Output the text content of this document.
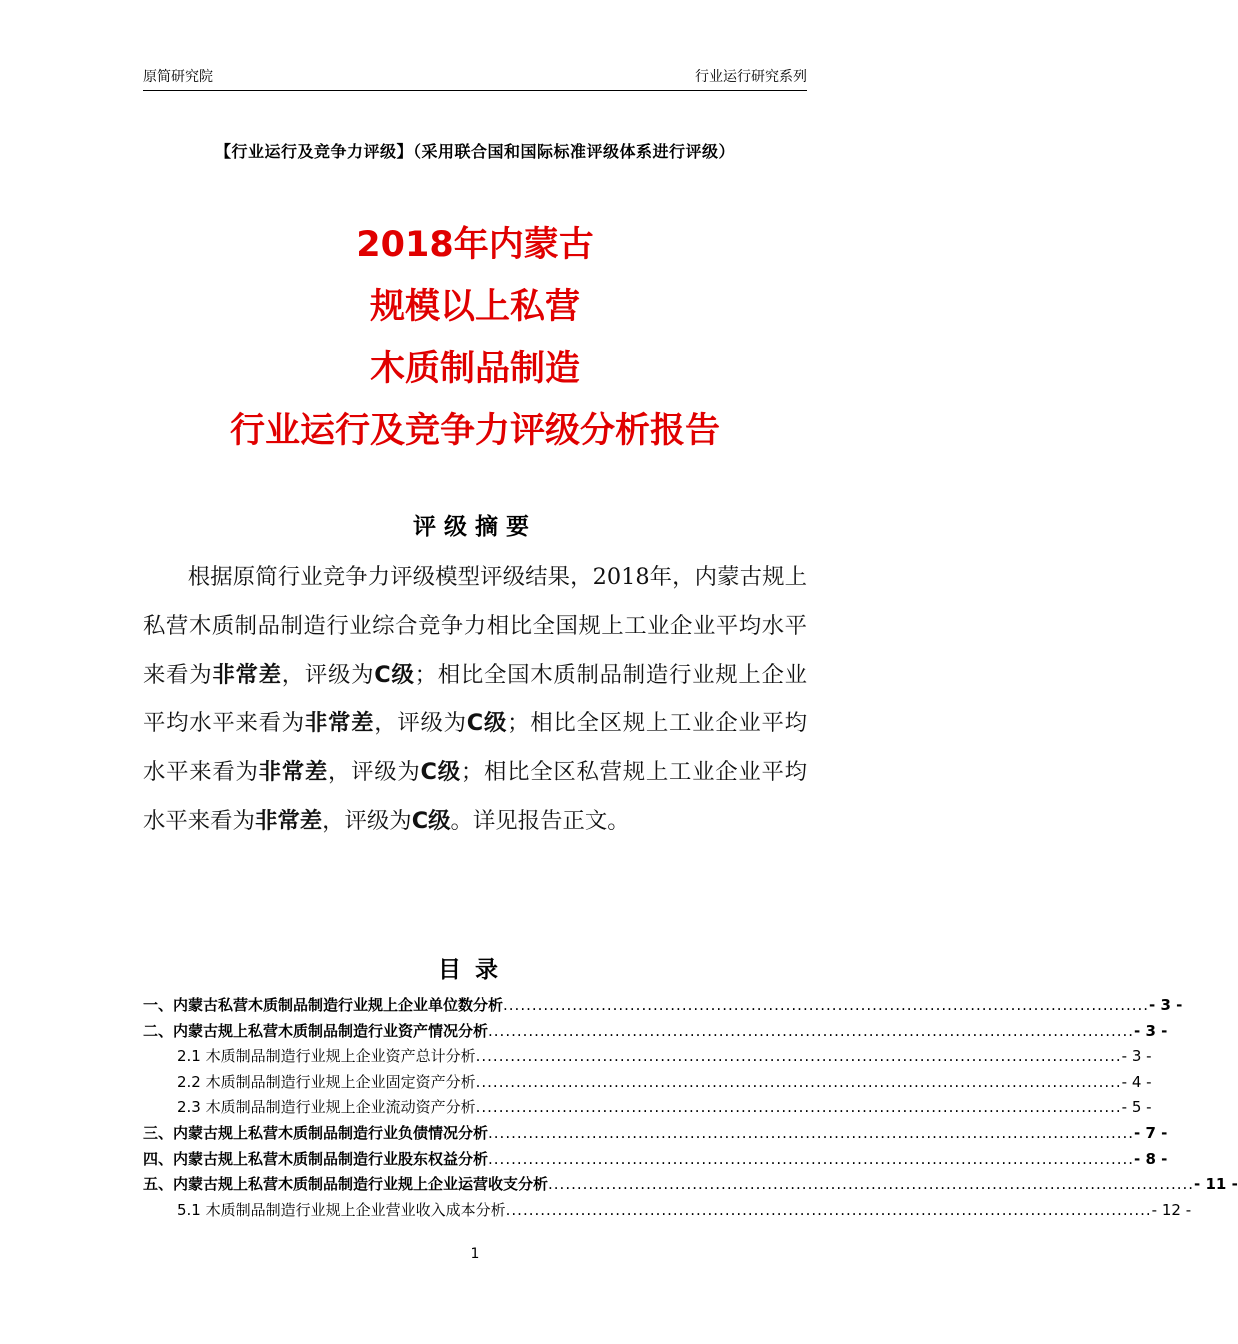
原简研究院	行业运行研究系列
【行业运行及竞争力评级】（采用联合国和国际标准评级体系进行评级）
2018年内蒙古
规模以上私营
木质制品制造
行业运行及竞争力评级分析报告
评级摘要
根据原简行业竞争力评级模型评级结果，2018年，内蒙古规上私营木质制品制造行业综合竞争力相比全国规上工业企业平均水平来看为非常差，评级为C级；相比全国木质制品制造行业规上企业平均水平来看为非常差，评级为C级；相比全区规上工业企业平均水平来看为非常差，评级为C级；相比全区私营规上工业企业平均水平来看为非常差，评级为C级。详见报告正文。
目录
一、内蒙古私营木质制品制造行业规上企业单位数分析 ................................................................................................................ - 3 -
二、内蒙古规上私营木质制品制造行业资产情况分析 ................................................................................................................ - 3 -
2.1 木质制品制造行业规上企业资产总计分析 ................................................................................................................ - 3 -
2.2 木质制品制造行业规上企业固定资产分析 ................................................................................................................ - 4 -
2.3 木质制品制造行业规上企业流动资产分析 ................................................................................................................ - 5 -
三、内蒙古规上私营木质制品制造行业负债情况分析 ................................................................................................................ - 7 -
四、内蒙古规上私营木质制品制造行业股东权益分析 ................................................................................................................ - 8 -
五、内蒙古规上私营木质制品制造行业规上企业运营收支分析 ................................................................................................................ - 11 -
5.1 木质制品制造行业规上企业营业收入成本分析 ................................................................................................................ - 12 -
1
